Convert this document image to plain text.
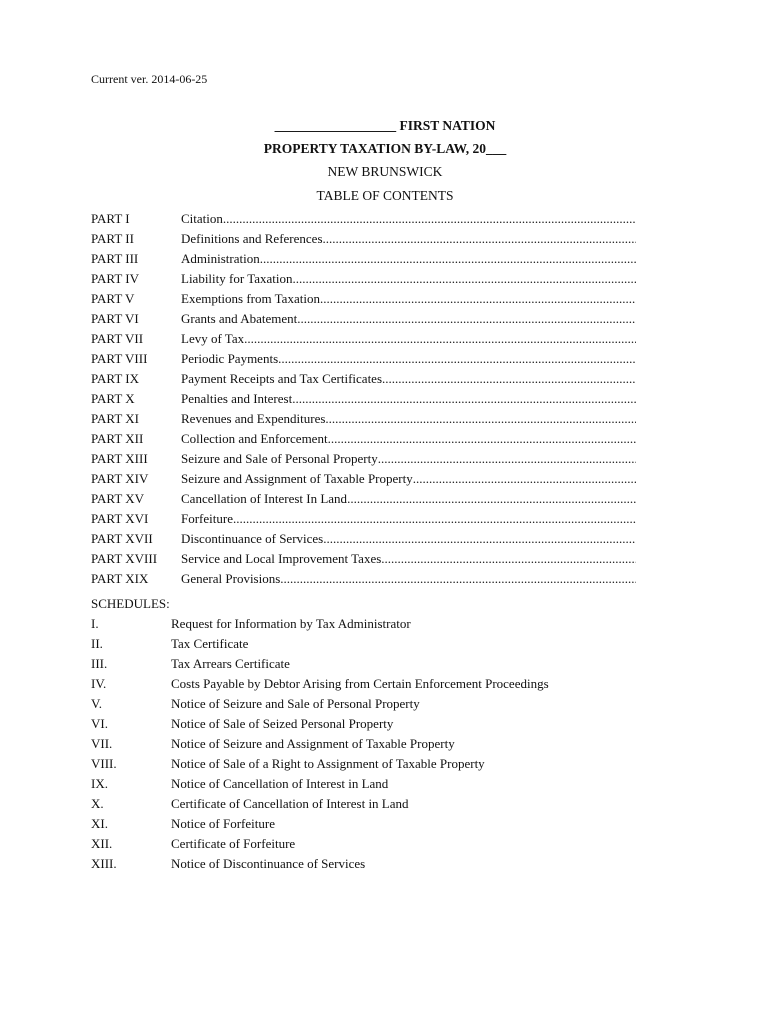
Current ver. 2014-06-25
__________________ FIRST NATION
PROPERTY TAXATION BY-LAW, 20___
NEW BRUNSWICK
TABLE OF CONTENTS
PART I	Citation
.....
PART II	Definitions and References
.....
PART III	Administration
.....
PART IV	Liability for Taxation
.....
PART V	Exemptions from Taxation
.....
PART VI	Grants and Abatement
.....
PART VII	Levy of Tax
.....
PART VIII	Periodic Payments
.....
PART IX	Payment Receipts and Tax Certificates
.....
PART X	Penalties and Interest
.....
PART XI	Revenues and Expenditures
.....
PART XII	Collection and Enforcement
.....
PART XIII	Seizure and Sale of Personal Property
.....
PART XIV	Seizure and Assignment of Taxable Property
.....
PART XV	Cancellation of Interest In Land
.....
PART XVI	Forfeiture
.....
PART XVII	Discontinuance of Services
.....
PART XVIII	Service and Local Improvement Taxes
.....
PART XIX	General Provisions
.....
SCHEDULES:
I.	Request for Information by Tax Administrator
II.	Tax Certificate
III.	Tax Arrears Certificate
IV.	Costs Payable by Debtor Arising from Certain Enforcement Proceedings
V.	Notice of Seizure and Sale of Personal Property
VI.	Notice of Sale of Seized Personal Property
VII.	Notice of Seizure and Assignment of Taxable Property
VIII.	Notice of Sale of a Right to Assignment of Taxable Property
IX.	Notice of Cancellation of Interest in Land
X.	Certificate of Cancellation of Interest in Land
XI.	Notice of Forfeiture
XII.	Certificate of Forfeiture
XIII.	Notice of Discontinuance of Services
